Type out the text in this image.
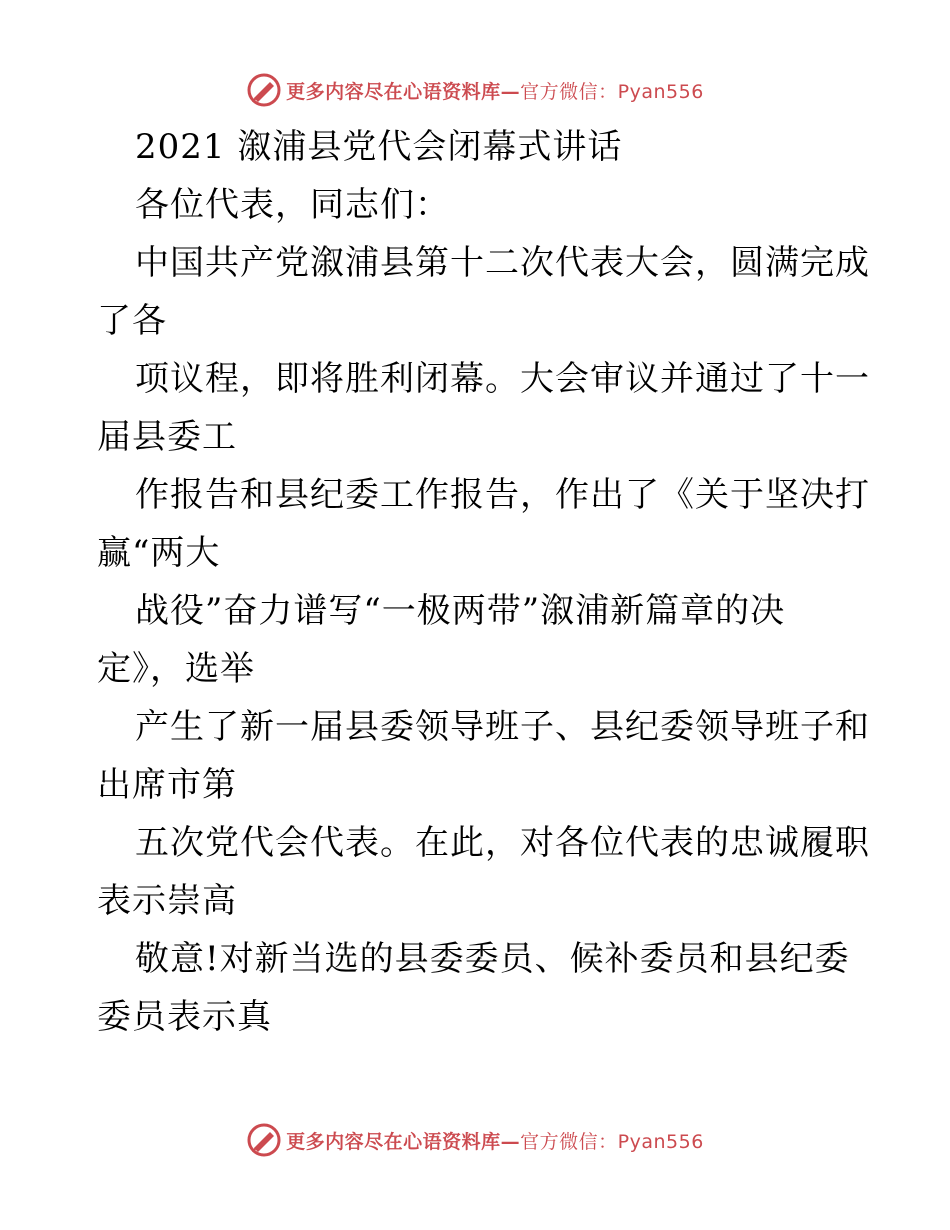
更多内容尽在心语资料库—官方微信：Pyan556
2021 溆浦县党代会闭幕式讲话
各位代表，同志们：
中国共产党溆浦县第十二次代表大会，圆满完成
了各
项议程，即将胜利闭幕。大会审议并通过了十一
届县委工
作报告和县纪委工作报告，作出了《关于坚决打
赢“两大
战役”奋力谱写“一极两带”溆浦新篇章的决
定》，选举
产生了新一届县委领导班子、县纪委领导班子和
出席市第
五次党代会代表。在此，对各位代表的忠诚履职
表示崇高
敬意!对新当选的县委委员、候补委员和县纪委
委员表示真
更多内容尽在心语资料库—官方微信：Pyan556
